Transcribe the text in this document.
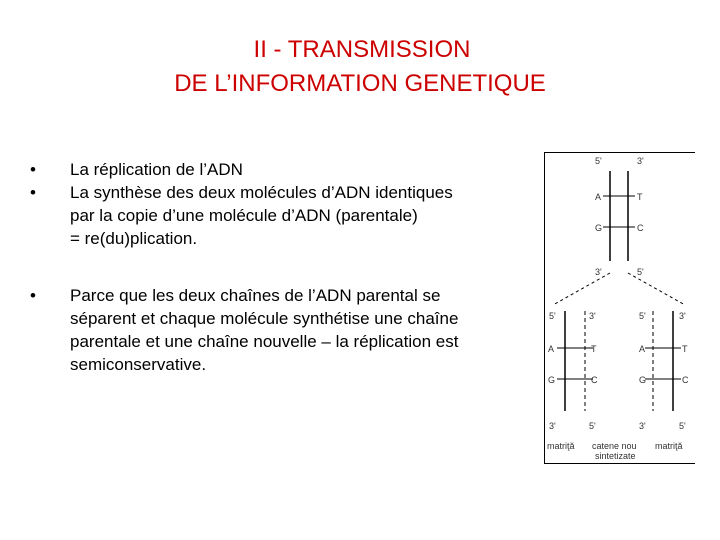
II - TRANSMISSION
DE L’INFORMATION GENETIQUE
• La réplication de l’ADN
• La synthèse des deux molécules d’ADN identiques
par la copie d’une molécule d’ADN (parentale)
= re(du)plication.
• Parce que les deux chaînes de l’ADN parental se
séparent et chaque molécule synthétise une chaîne
parentale et une chaîne nouvelle – la réplication est
semiconservative.
5'	3'
A	T
G	C
3'	5'
5'	3'	5'	3'
A	T
G	C
A	T
G	C
3'	5'	3'	5'
matriţă catene nou
sintetizate
matriţă
